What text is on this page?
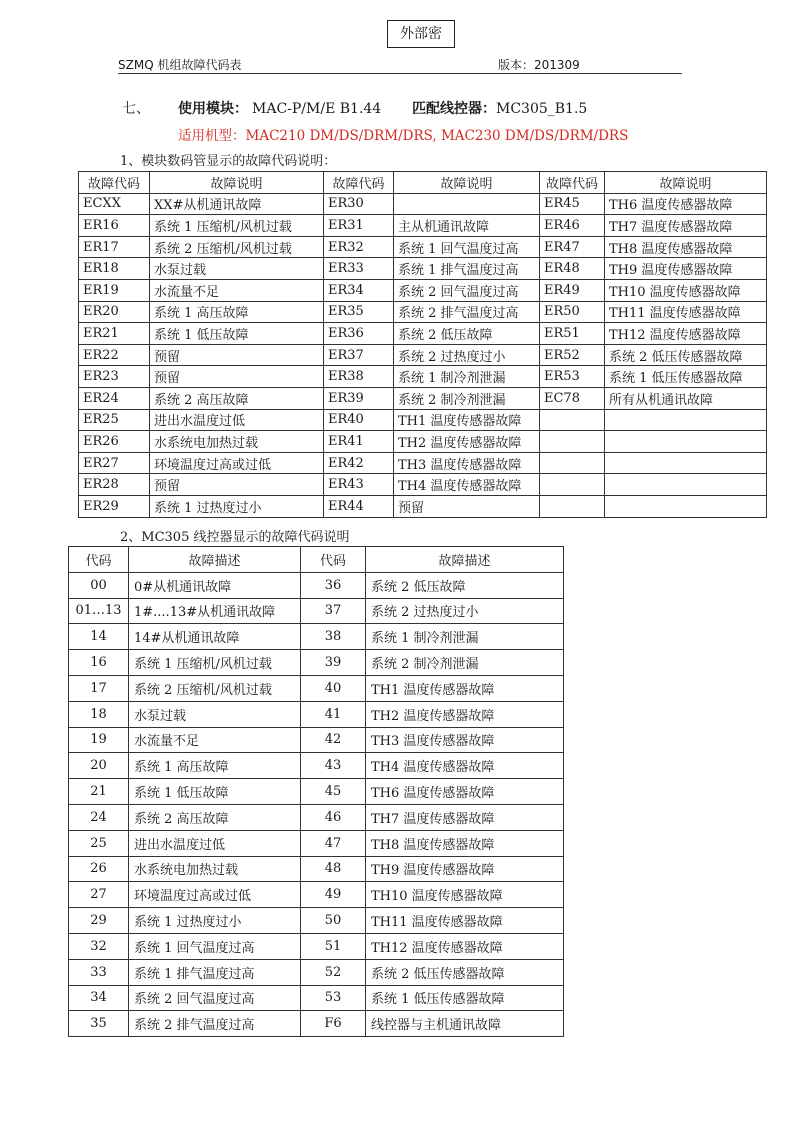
外部密
SZMQ 机组故障代码表	版本：201309
七、 使用模块： MAC-P/M/E B1.44 匹配线控器：MC305_B1.5
适用机型：MAC210 DM/DS/DRM/DRS, MAC230 DM/DS/DRM/DRS
1、模块数码管显示的故障代码说明：
故障代码	故障说明	故障代码	故障说明	故障代码	故障说明
ECXX	XX#从机通讯故障	ER30		ER45	TH6 温度传感器故障
ER16	系统 1 压缩机/风机过载	ER31	主从机通讯故障	ER46	TH7 温度传感器故障
ER17	系统 2 压缩机/风机过载	ER32	系统 1 回气温度过高	ER47	TH8 温度传感器故障
ER18	水泵过载	ER33	系统 1 排气温度过高	ER48	TH9 温度传感器故障
ER19	水流量不足	ER34	系统 2 回气温度过高	ER49	TH10 温度传感器故障
ER20	系统 1 高压故障	ER35	系统 2 排气温度过高	ER50	TH11 温度传感器故障
ER21	系统 1 低压故障	ER36	系统 2 低压故障	ER51	TH12 温度传感器故障
ER22	预留	ER37	系统 2 过热度过小	ER52	系统 2 低压传感器故障
ER23	预留	ER38	系统 1 制冷剂泄漏	ER53	系统 1 低压传感器故障
ER24	系统 2 高压故障	ER39	系统 2 制冷剂泄漏	EC78	所有从机通讯故障
ER25	进出水温度过低	ER40	TH1 温度传感器故障		
ER26	水系统电加热过载	ER41	TH2 温度传感器故障		
ER27	环境温度过高或过低	ER42	TH3 温度传感器故障		
ER28	预留	ER43	TH4 温度传感器故障		
ER29	系统 1 过热度过小	ER44	预留		
2、MC305 线控器显示的故障代码说明
代码	故障描述	代码	故障描述
00	0#从机通讯故障	36	系统 2 低压故障
01…13	1#....13#从机通讯故障	37	系统 2 过热度过小
14	14#从机通讯故障	38	系统 1 制冷剂泄漏
16	系统 1 压缩机/风机过载	39	系统 2 制冷剂泄漏
17	系统 2 压缩机/风机过载	40	TH1 温度传感器故障
18	水泵过载	41	TH2 温度传感器故障
19	水流量不足	42	TH3 温度传感器故障
20	系统 1 高压故障	43	TH4 温度传感器故障
21	系统 1 低压故障	45	TH6 温度传感器故障
24	系统 2 高压故障	46	TH7 温度传感器故障
25	进出水温度过低	47	TH8 温度传感器故障
26	水系统电加热过载	48	TH9 温度传感器故障
27	环境温度过高或过低	49	TH10 温度传感器故障
29	系统 1 过热度过小	50	TH11 温度传感器故障
32	系统 1 回气温度过高	51	TH12 温度传感器故障
33	系统 1 排气温度过高	52	系统 2 低压传感器故障
34	系统 2 回气温度过高	53	系统 1 低压传感器故障
35	系统 2 排气温度过高	F6	线控器与主机通讯故障
